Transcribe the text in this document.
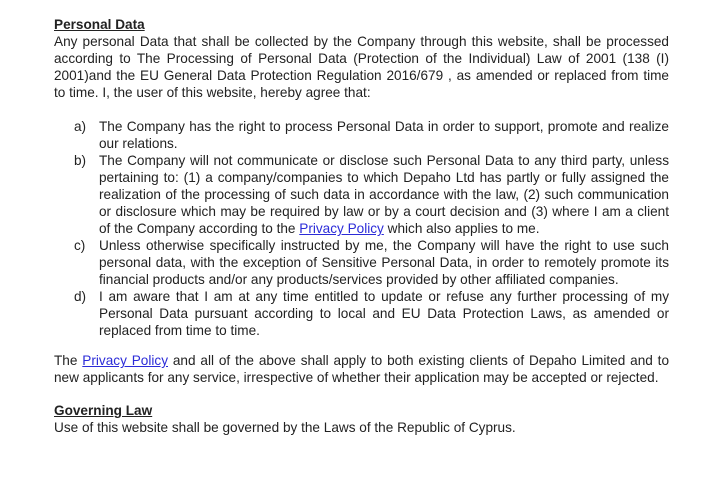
Personal Data

Any personal Data that shall be collected by the Company through this website, shall be processed according to The Processing of Personal Data (Protection of the Individual) Law of 2001 (138 (I) 2001)and the EU General Data Protection Regulation 2016/679 , as amended or replaced from time to time. I, the user of this website, hereby agree that:

a) The Company has the right to process Personal Data in order to support, promote and realize our relations.
b) The Company will not communicate or disclose such Personal Data to any third party, unless pertaining to: (1) a company/companies to which Depaho Ltd has partly or fully assigned the realization of the processing of such data in accordance with the law, (2) such communication or disclosure which may be required by law or by a court decision and (3) where I am a client of the Company according to the Privacy Policy which also applies to me.
c)	Unless otherwise specifically instructed by me, the Company will have the right to use such personal data, with the exception of Sensitive Personal Data, in order to remotely promote its financial products and/or any products/services provided by other affiliated companies.
d) I am aware that I am at any time entitled to update or refuse any further processing of my Personal Data pursuant according to local and EU Data Protection Laws, as amended or replaced from time to time.

The Privacy Policy and all of the above shall apply to both existing clients of Depaho Limited and to new applicants for any service, irrespective of whether their application may be accepted or rejected.

Governing Law

Use of this website shall be governed by the Laws of the Republic of Cyprus.
